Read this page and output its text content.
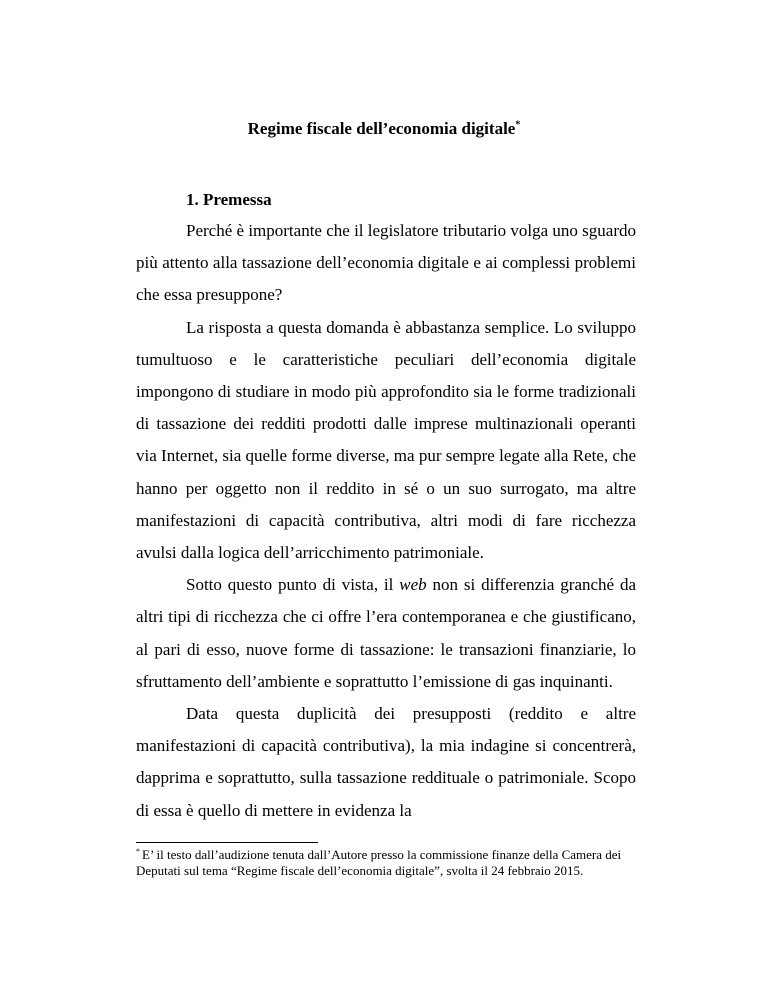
Regime fiscale dell’economia digitale*
1. Premessa

Perché è importante che il legislatore tributario volga uno sguardo più attento alla tassazione dell’economia digitale e ai complessi problemi che essa presuppone?

La risposta a questa domanda è abbastanza semplice. Lo sviluppo tumultuoso e le caratteristiche peculiari dell’economia digitale impongono di studiare in modo più approfondito sia le forme tradizionali di tassazione dei redditi prodotti dalle imprese multinazionali operanti via Internet, sia quelle forme diverse, ma pur sempre legate alla Rete, che hanno per oggetto non il reddito in sé o un suo surrogato, ma altre manifestazioni di capacità contributiva, altri modi di fare ricchezza avulsi dalla logica dell’arricchimento patrimoniale.

Sotto questo punto di vista, il web non si differenzia granché da altri tipi di ricchezza che ci offre l’era contemporanea e che giustificano, al pari di esso, nuove forme di tassazione: le transazioni finanziarie, lo sfruttamento dell’ambiente e soprattutto l’emissione di gas inquinanti.

Data questa duplicità dei presupposti (reddito e altre manifestazioni di capacità contributiva), la mia indagine si concentrerà, dapprima e soprattutto, sulla tassazione reddituale o patrimoniale. Scopo di essa è quello di mettere in evidenza la

* E’ il testo dall’audizione tenuta dall’Autore presso la commissione finanze della Camera dei Deputati sul tema “Regime fiscale dell’economia digitale”, svolta il 24 febbraio 2015.
